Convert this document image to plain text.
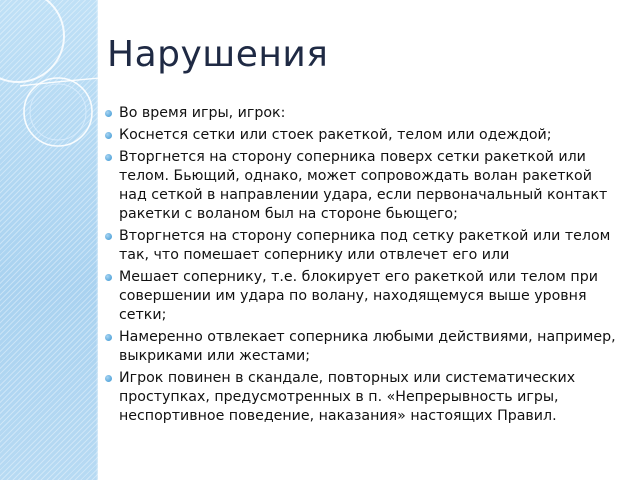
Нарушения
Во время игры, игрок:
Коснется сетки или стоек ракеткой, телом или одеждой;
Вторгнется на сторону соперника поверх сетки ракеткой или телом. Бьющий, однако, может сопровождать волан ракеткой над сеткой в направлении удара, если первоначальный контакт ракетки с воланом был на стороне бьющего;
Вторгнется на сторону соперника под сетку ракеткой или телом так, что помешает сопернику или отвлечет его или
Мешает сопернику, т.е. блокирует его ракеткой или телом при совершении им удара по волану, находящемуся выше уровня сетки;
Намеренно отвлекает соперника любыми действиями, например, выкриками или жестами;
Игрок повинен в скандале, повторных или систематических проступках, предусмотренных в п. «Непрерывность игры, неспортивное поведение, наказания» настоящих Правил.
